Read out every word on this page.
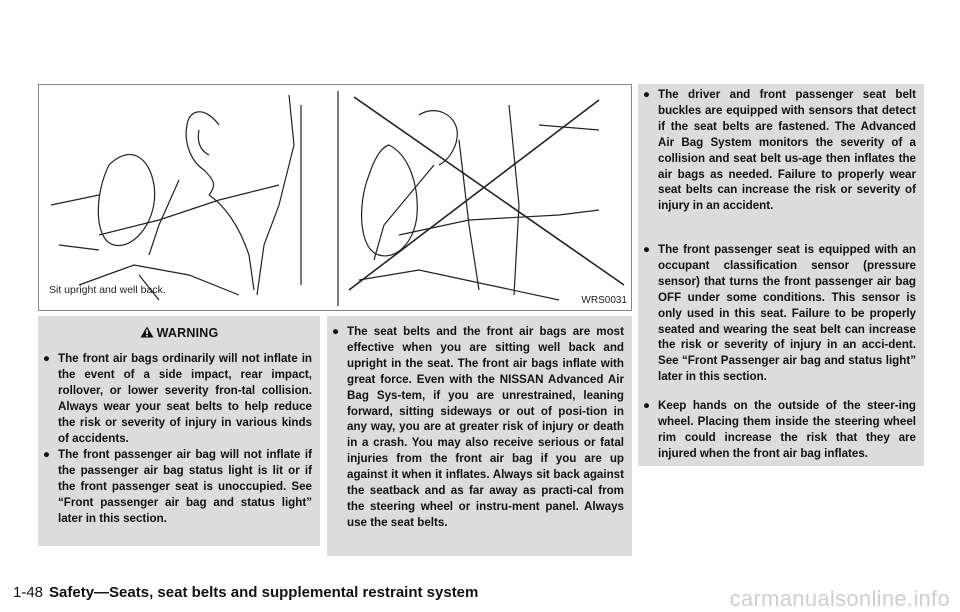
Sit upright and well back.
WRS0031
WARNING
● The front air bags ordinarily will not inflate in the event of a side impact, rear impact, rollover, or lower severity fron-tal collision. Always wear your seat belts to help reduce the risk or severity of injury in various kinds of accidents.
● The front passenger air bag will not inflate if the passenger air bag status light is lit or if the front passenger seat is unoccupied. See “Front passenger air bag and status light” later in this section.
● The seat belts and the front air bags are most effective when you are sitting well back and upright in the seat. The front air bags inflate with great force. Even with the NISSAN Advanced Air Bag Sys-tem, if you are unrestrained, leaning forward, sitting sideways or out of posi-tion in any way, you are at greater risk of injury or death in a crash. You may also receive serious or fatal injuries from the front air bag if you are up against it when it inflates. Always sit back against the seatback and as far away as practi-cal from the steering wheel or instru-ment panel. Always use the seat belts.
● The driver and front passenger seat belt buckles are equipped with sensors that detect if the seat belts are fastened. The Advanced Air Bag System monitors the severity of a collision and seat belt us-age then inflates the air bags as needed. Failure to properly wear seat belts can increase the risk or severity of injury in an accident.
● The front passenger seat is equipped with an occupant classification sensor (pressure sensor) that turns the front passenger air bag OFF under some conditions. This sensor is only used in this seat. Failure to be properly seated and wearing the seat belt can increase the risk or severity of injury in an acci-dent. See “Front Passenger air bag and status light” later in this section.
● Keep hands on the outside of the steer-ing wheel. Placing them inside the steering wheel rim could increase the risk that they are injured when the front air bag inflates.
1-48 Safety—Seats, seat belts and supplemental restraint system	carmanualsonline.info
